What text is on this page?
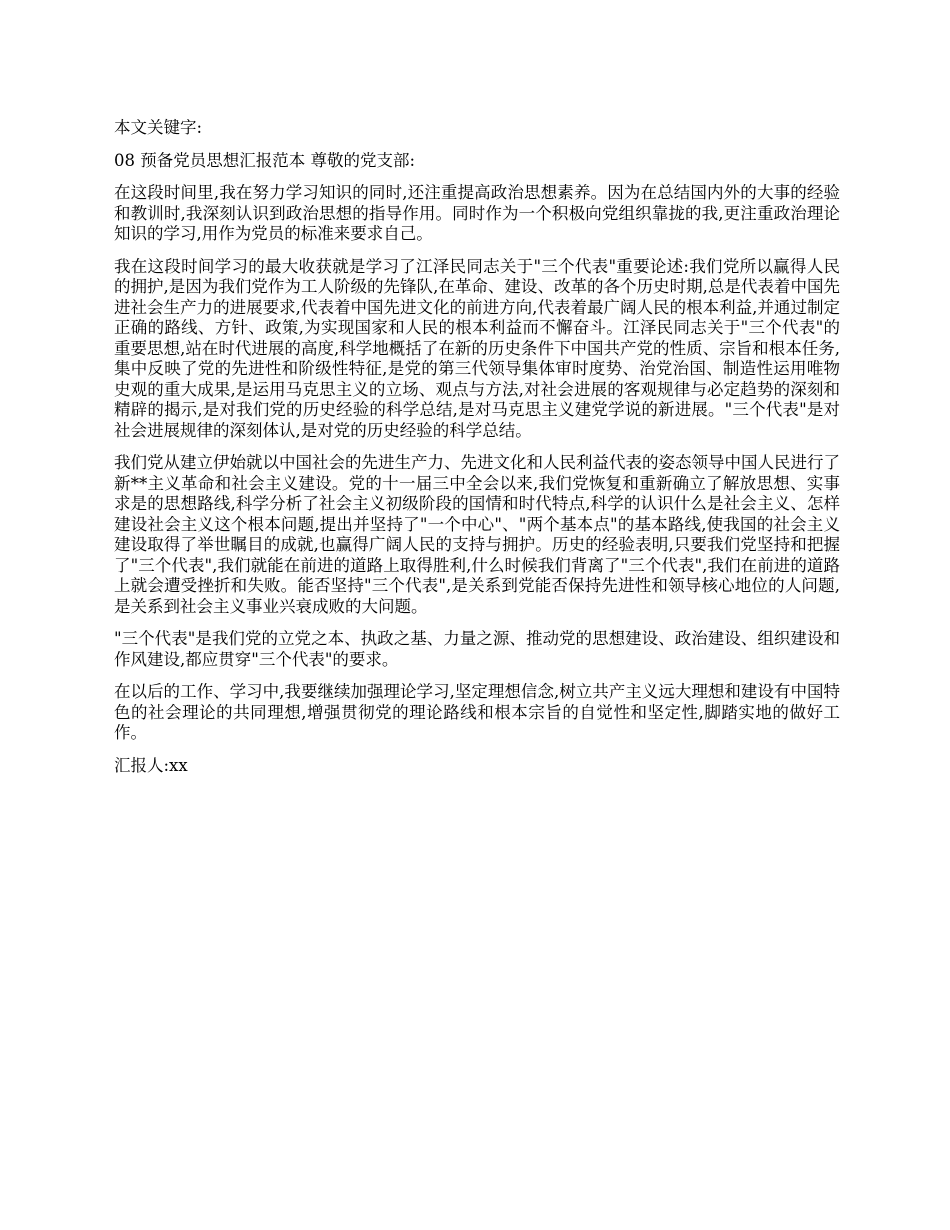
本文关键字:

08 预备党员思想汇报范本 尊敬的党支部:

在这段时间里,我在努力学习知识的同时,还注重提高政治思想素养。因为在总结国内外的大事的经验和教训时,我深刻认识到政治思想的指导作用。同时作为一个积极向党组织靠拢的我,更注重政治理论知识的学习,用作为党员的标准来要求自己。

我在这段时间学习的最大收获就是学习了江泽民同志关于"三个代表"重要论述:我们党所以赢得人民的拥护,是因为我们党作为工人阶级的先锋队,在革命、建设、改革的各个历史时期,总是代表着中国先进社会生产力的进展要求,代表着中国先进文化的前进方向,代表着最广阔人民的根本利益,并通过制定正确的路线、方针、政策,为实现国家和人民的根本利益而不懈奋斗。江泽民同志关于"三个代表"的重要思想,站在时代进展的高度,科学地概括了在新的历史条件下中国共产党的性质、宗旨和根本任务,集中反映了党的先进性和阶级性特征,是党的第三代领导集体审时度势、治党治国、制造性运用唯物史观的重大成果,是运用马克思主义的立场、观点与方法,对社会进展的客观规律与必定趋势的深刻和精辟的揭示,是对我们党的历史经验的科学总结,是对马克思主义建党学说的新进展。"三个代表"是对社会进展规律的深刻体认,是对党的历史经验的科学总结。

我们党从建立伊始就以中国社会的先进生产力、先进文化和人民利益代表的姿态领导中国人民进行了新**主义革命和社会主义建设。党的十一届三中全会以来,我们党恢复和重新确立了解放思想、实事求是的思想路线,科学分析了社会主义初级阶段的国情和时代特点,科学的认识什么是社会主义、怎样建设社会主义这个根本问题,提出并坚持了"一个中心"、"两个基本点"的基本路线,使我国的社会主义建设取得了举世瞩目的成就,也赢得广阔人民的支持与拥护。历史的经验表明,只要我们党坚持和把握了"三个代表",我们就能在前进的道路上取得胜利,什么时候我们背离了"三个代表",我们在前进的道路上就会遭受挫折和失败。能否坚持"三个代表",是关系到党能否保持先进性和领导核心地位的人问题,是关系到社会主义事业兴衰成败的大问题。

"三个代表"是我们党的立党之本、执政之基、力量之源、推动党的思想建设、政治建设、组织建设和作风建设,都应贯穿"三个代表"的要求。

在以后的工作、学习中,我要继续加强理论学习,坚定理想信念,树立共产主义远大理想和建设有中国特色的社会理论的共同理想,增强贯彻党的理论路线和根本宗旨的自觉性和坚定性,脚踏实地的做好工作。

汇报人:xx
